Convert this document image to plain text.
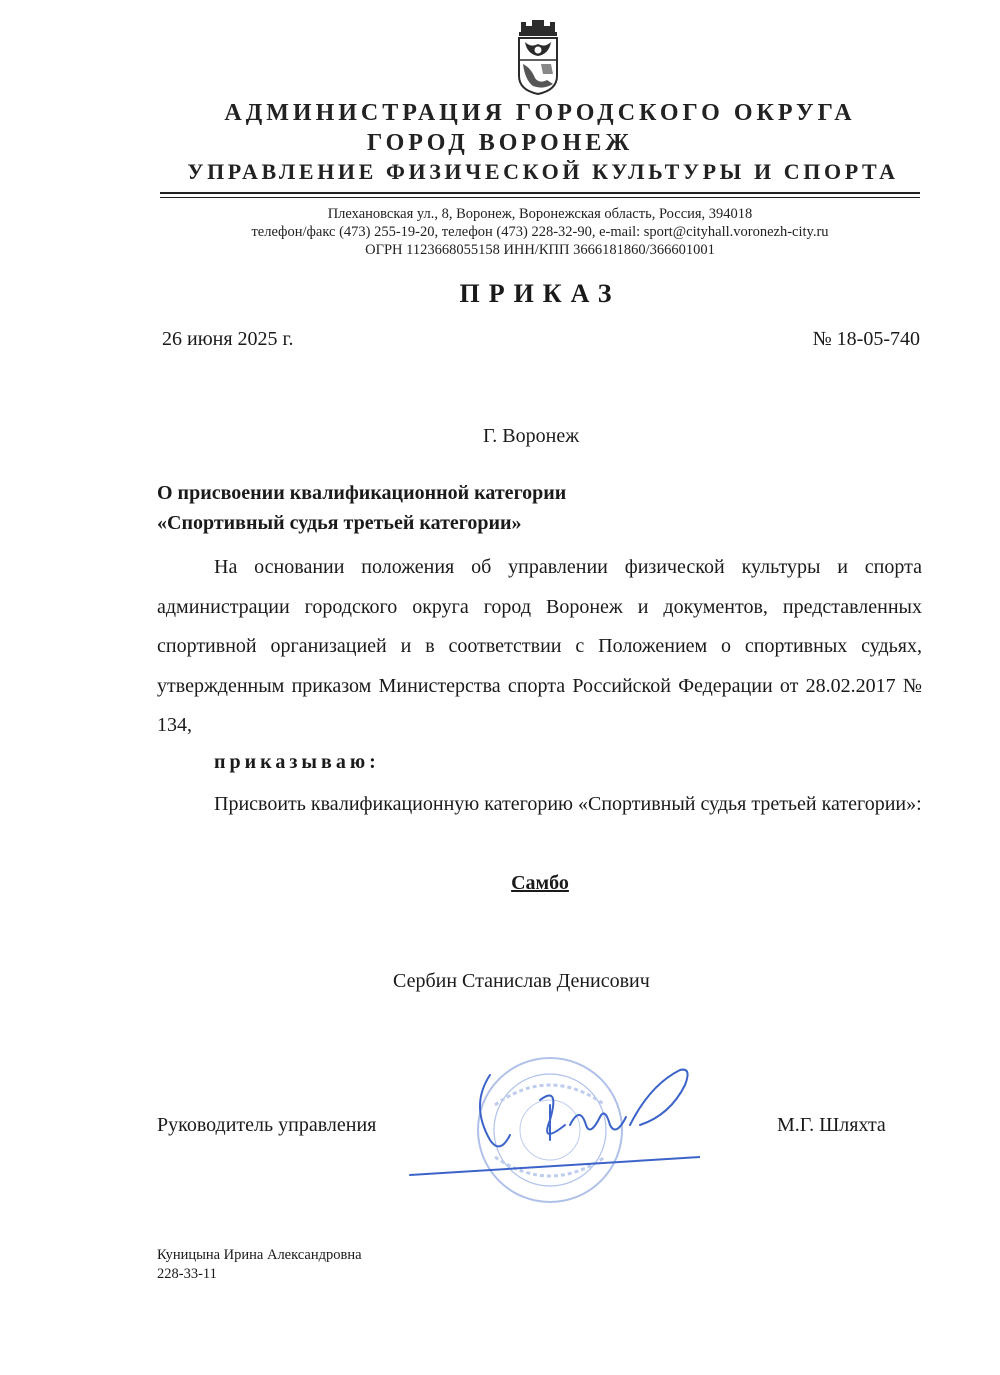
АДМИНИСТРАЦИЯ ГОРОДСКОГО ОКРУГА
ГОРОД ВОРОНЕЖ
УПРАВЛЕНИЕ ФИЗИЧЕСКОЙ КУЛЬТУРЫ И СПОРТА
Плехановская ул., 8, Воронеж, Воронежская область, Россия, 394018
телефон/факс (473) 255-19-20, телефон (473) 228-32-90, e-mail: sport@cityhall.voronezh-city.ru
ОГРН 1123668055158 ИНН/КПП 3666181860/366601001
ПРИКАЗ
26 июня 2025 г.	№ 18-05-740
Г. Воронеж
О присвоении квалификационной категории
«Спортивный судья третьей категории»
На основании положения об управлении физической культуры и спорта администрации городского округа город Воронеж и документов, представленных спортивной организацией и в соответствии с Положением о спортивных судьях, утвержденным приказом Министерства спорта Российской Федерации от 28.02.2017 № 134,
приказываю:
Присвоить квалификационную категорию «Спортивный судья третьей категории»:
Самбо
Сербин Станислав Денисович
Руководитель управления	М.Г. Шляхта
Куницына Ирина Александровна
228-33-11
